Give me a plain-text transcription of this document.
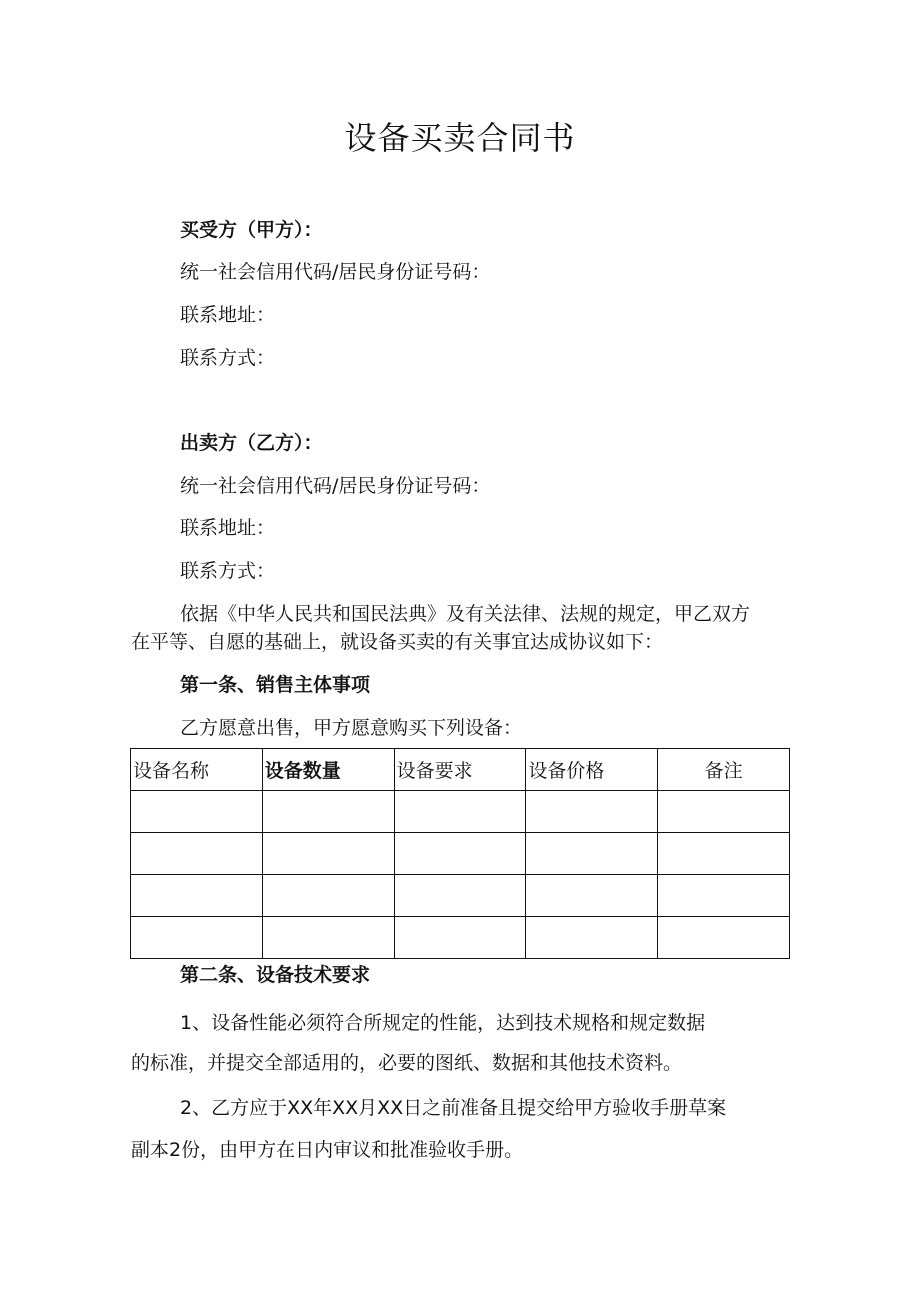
设备买卖合同书
买受方（甲方）：
统一社会信用代码/居民身份证号码：
联系地址：
联系方式：
出卖方（乙方）：
统一社会信用代码/居民身份证号码：
联系地址：
联系方式：
依据《中华人民共和国民法典》及有关法律、法规的规定，甲乙双方
在平等、自愿的基础上，就设备买卖的有关事宜达成协议如下：
第一条、销售主体事项
乙方愿意出售，甲方愿意购买下列设备：
设备名称	设备数量	设备要求	设备价格	备注

第二条、设备技术要求
1、设备性能必须符合所规定的性能，达到技术规格和规定数据
的标准，并提交全部适用的，必要的图纸、数据和其他技术资料。
2、乙方应于XX年XX月XX日之前准备且提交给甲方验收手册草案
副本2份，由甲方在日内审议和批准验收手册。
